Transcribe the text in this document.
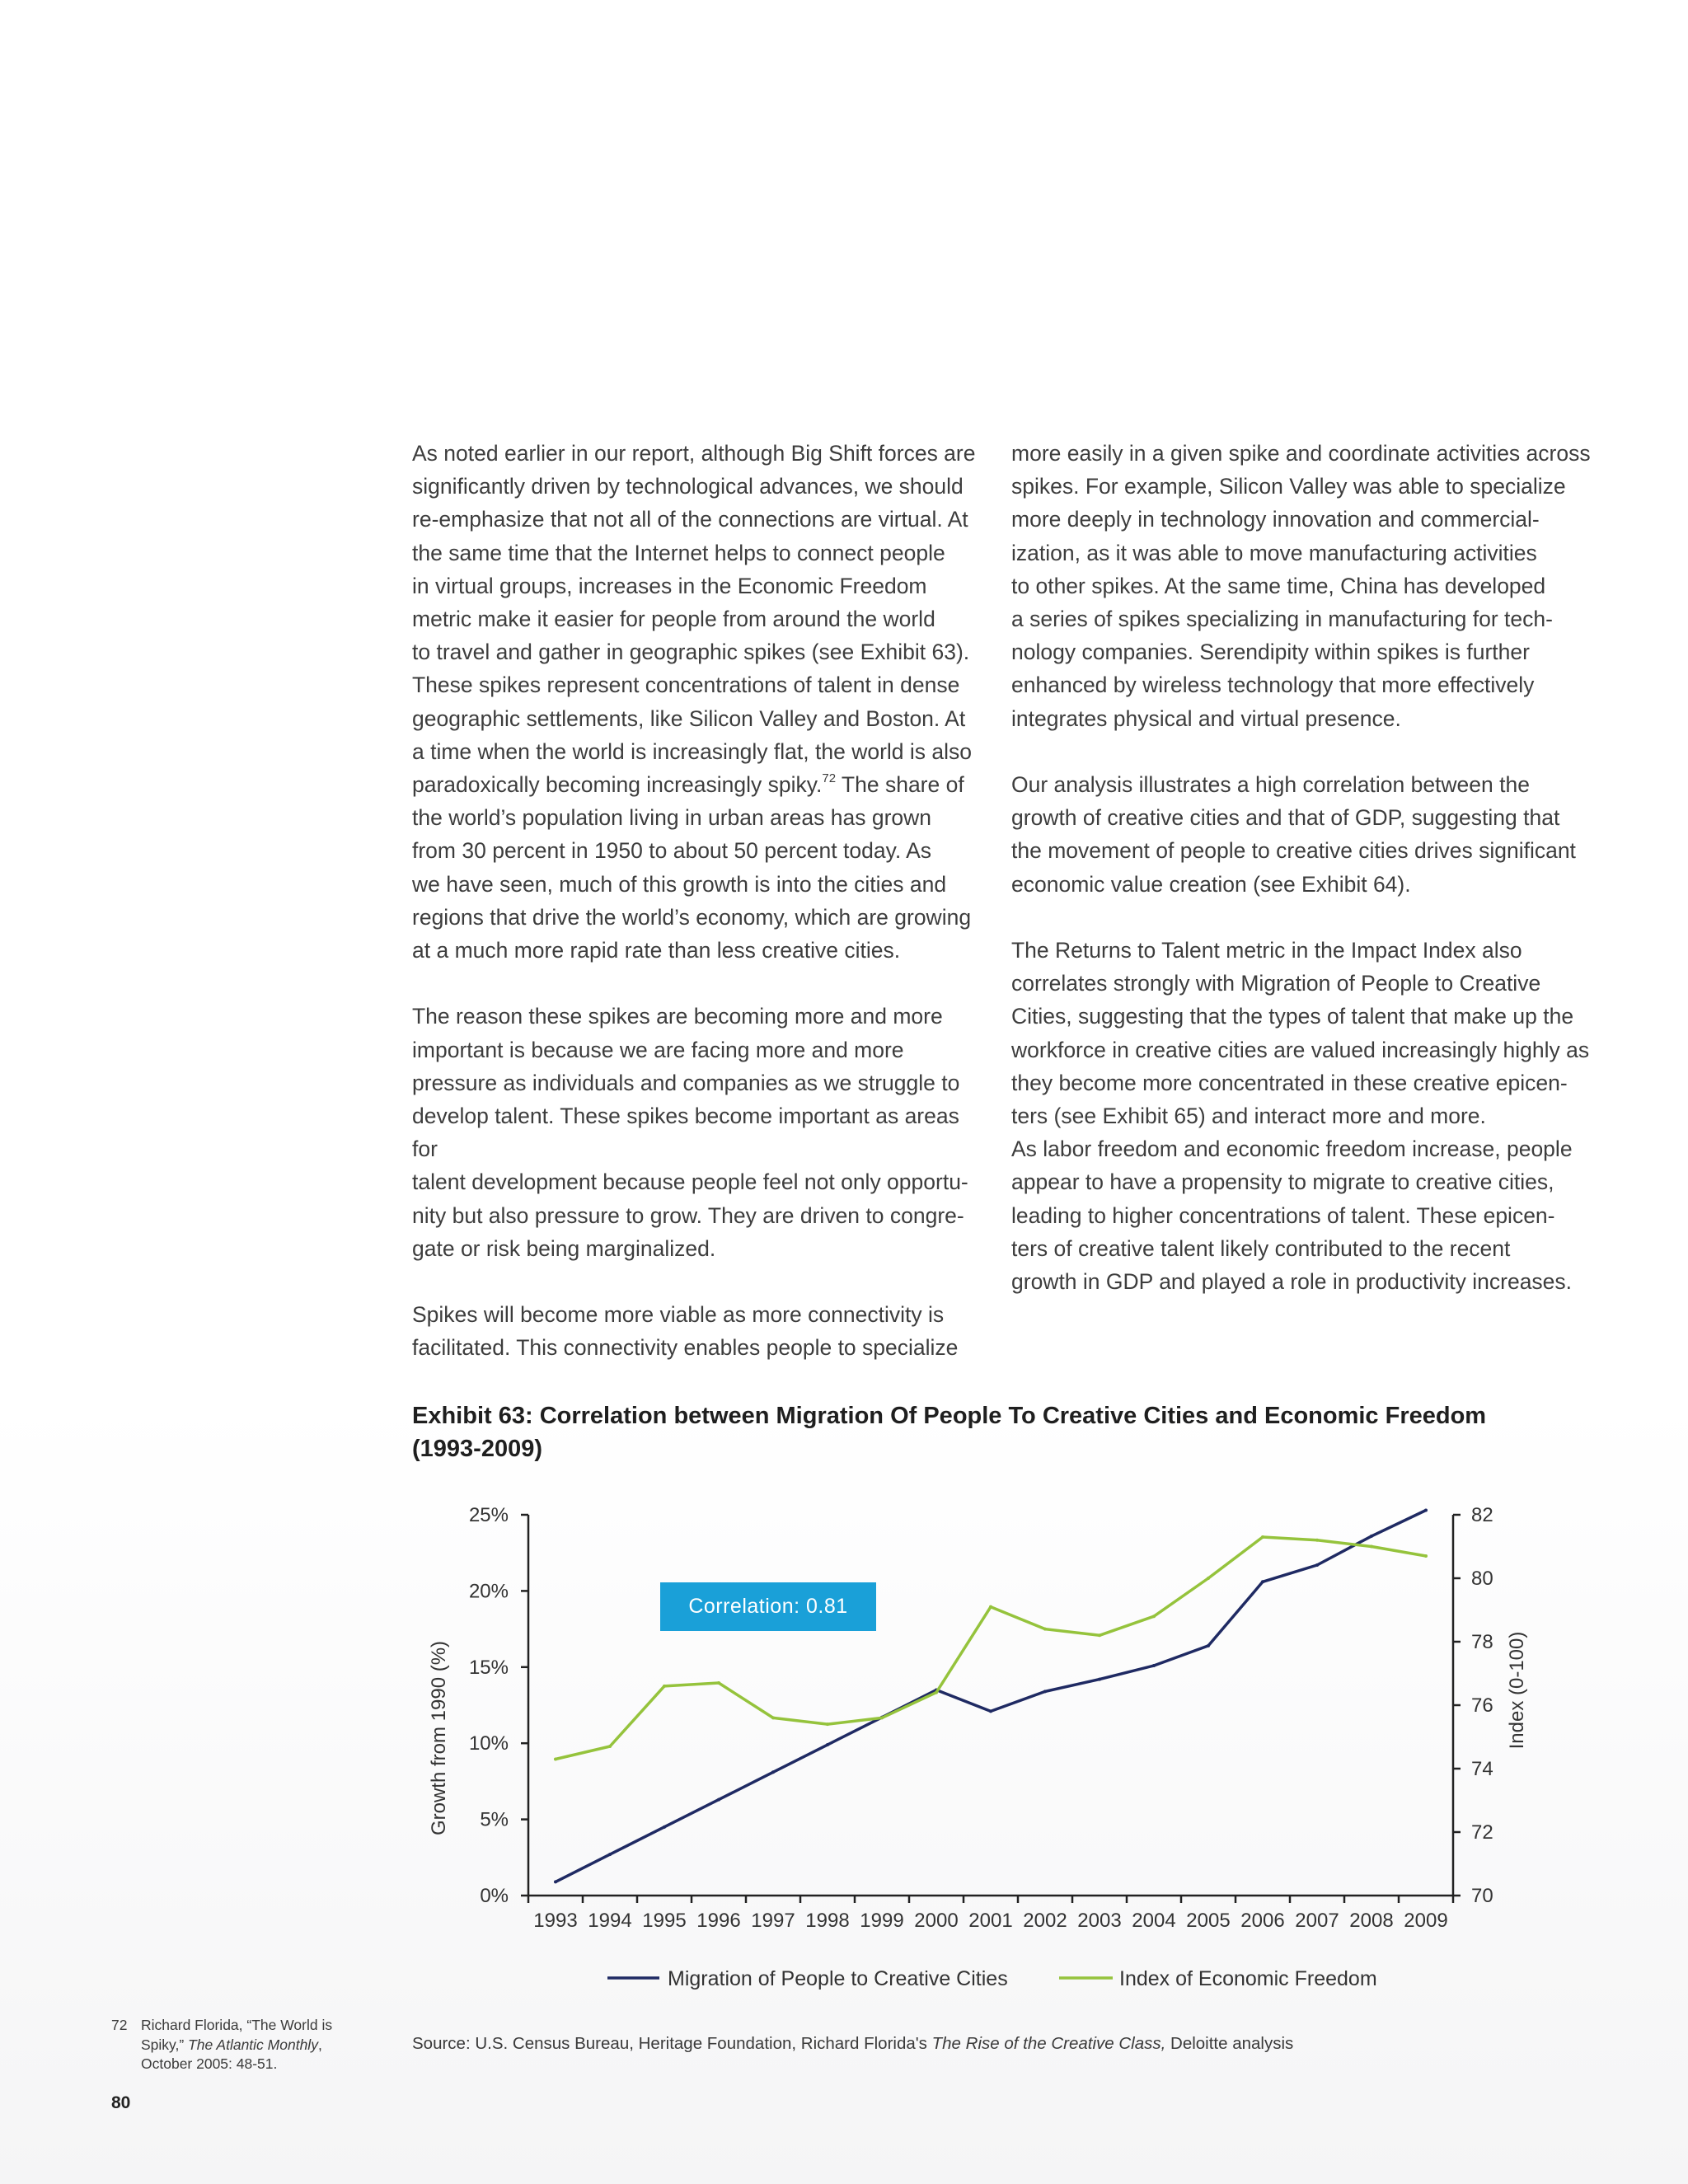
As noted earlier in our report, although Big Shift forces are
significantly driven by technological advances, we should
re-emphasize that not all of the connections are virtual. At
the same time that the Internet helps to connect people
in virtual groups, increases in the Economic Freedom
metric make it easier for people from around the world
to travel and gather in geographic spikes (see Exhibit 63).
These spikes represent concentrations of talent in dense
geographic settlements, like Silicon Valley and Boston. At
a time when the world is increasingly flat, the world is also
paradoxically becoming increasingly spiky.$^{72}$ The share of
the world’s population living in urban areas has grown
from 30 percent in 1950 to about 50 percent today. As
we have seen, much of this growth is into the cities and
regions that drive the world’s economy, which are growing
at a much more rapid rate than less creative cities.

The reason these spikes are becoming more and more
important is because we are facing more and more
pressure as individuals and companies as we struggle to
develop talent. These spikes become important as areas for
talent development because people feel not only opportu-
nity but also pressure to grow. They are driven to congre-
gate or risk being marginalized.

Spikes will become more viable as more connectivity is
facilitated. This connectivity enables people to specialize

more easily in a given spike and coordinate activities across
spikes. For example, Silicon Valley was able to specialize
more deeply in technology innovation and commercial-
ization, as it was able to move manufacturing activities
to other spikes. At the same time, China has developed
a series of spikes specializing in manufacturing for tech-
nology companies. Serendipity within spikes is further
enhanced by wireless technology that more effectively
integrates physical and virtual presence.

Our analysis illustrates a high correlation between the
growth of creative cities and that of GDP, suggesting that
the movement of people to creative cities drives significant
economic value creation (see Exhibit 64).

The Returns to Talent metric in the Impact Index also
correlates strongly with Migration of People to Creative
Cities, suggesting that the types of talent that make up the
workforce in creative cities are valued increasingly highly as
they become more concentrated in these creative epicen-
ters (see Exhibit 65) and interact more and more.

As labor freedom and economic freedom increase, people
appear to have a propensity to migrate to creative cities,
leading to higher concentrations of talent. These epicen-
ters of creative talent likely contributed to the recent
growth in GDP and played a role in productivity increases.

Exhibit 63: Correlation between Migration Of People To Creative Cities and Economic Freedom (1993-2009)
0%
5%
10%
15%
20%
25%
70
72
74
76
78
80
82
1993 1994 1995 1996 1997 1998 1999 2000 2001 2002 2003 2004 2005 2006 2007 2008 2009
Growth from 1990 (%)	Index (0-100)
Migration of People to Creative Cities	Index of Economic Freedom
Correlation: 0.81
Source: U.S. Census Bureau, Heritage Foundation, Richard Florida's The Rise of the Creative Class, Deloitte analysis
72 Richard Florida, “The World is Spiky,” The Atlantic Monthly, October 2005: 48-51.
80
